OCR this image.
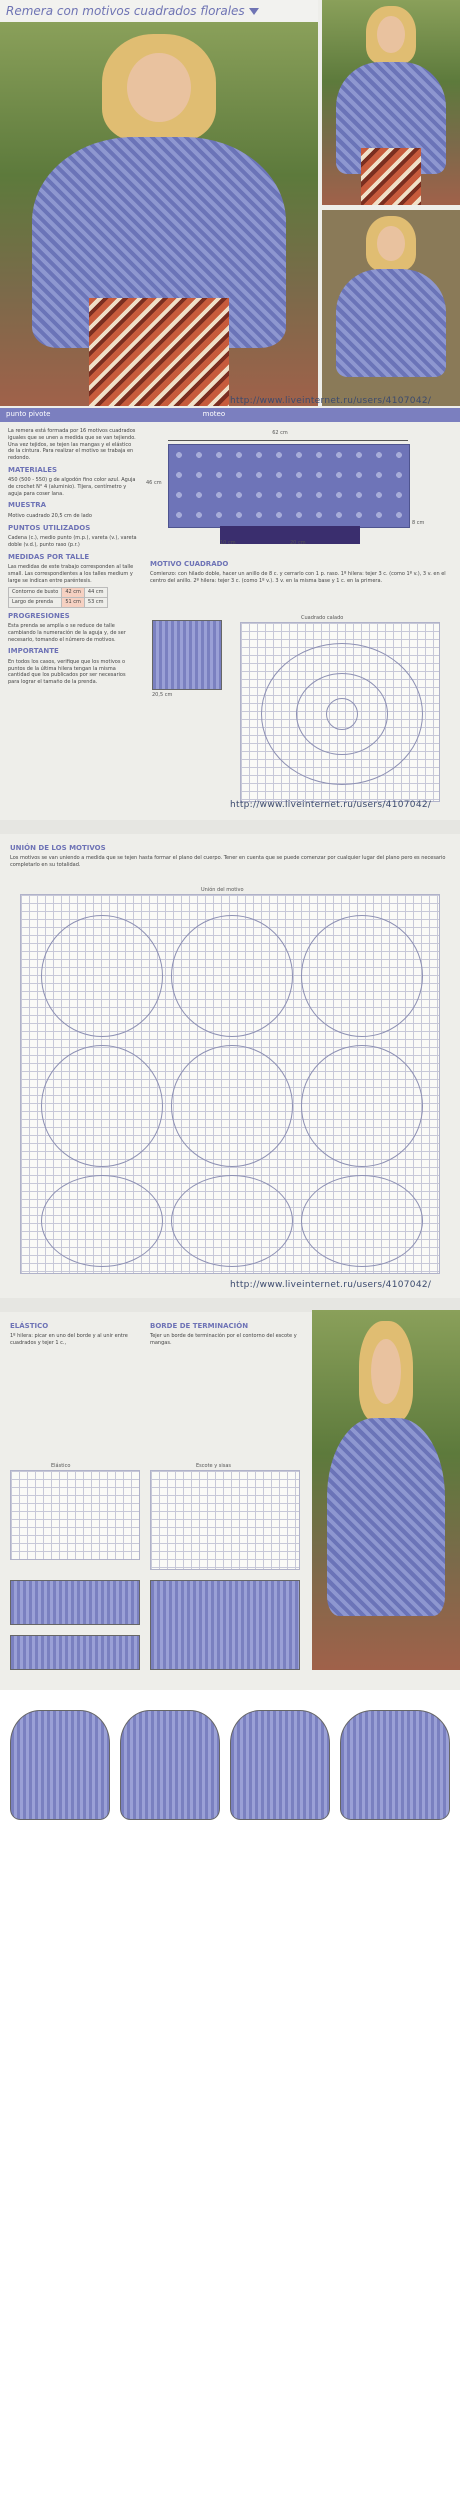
Remera con motivos cuadrados florales
http://www.liveinternet.ru/users/4107042/
punto pivote	moteo
La remera está formada por 16 motivos cuadrados iguales que se unen a medida que se van tejiendo. Una vez tejidos, se tejen las mangas y el elástico de la cintura. Para realizar el motivo se trabaja en redondo.
MATERIALES
450 (500 - 550) g de algodón fino color azul. Aguja de crochet N° 4 (aluminio). Tijera, centímetro y aguja para coser lana.
MUESTRA
Motivo cuadrado 20,5 cm de lado
PUNTOS UTILIZADOS
Cadena (c.), medio punto (m.p.), vareta (v.), vareta doble (v.d.), punto raso (p.r.)
MEDIDAS POR TALLE
Las medidas de este trabajo corresponden al talle small. Las correspondientes a los talles medium y large se indican entre paréntesis.
Contorno de busto	42 cm	44 cm
Largo de prenda	51 cm	53 cm
PROGRESIONES
Esta prenda se amplía o se reduce de talle cambiando la numeración de la aguja y, de ser necesario, tomando el número de motivos.
IMPORTANTE
En todos los casos, verifique que los motivos o puntos de la última hilera tengan la misma cantidad que los publicados por ser necesarios para lograr el tamaño de la prenda.
62 cm
46 cm
10 cm	20 cm
8 cm
MOTIVO CUADRADO
Comienzo: con hilado doble, hacer un anillo de 8 c. y cerrarlo con 1 p. raso. 1º hilera: tejer 3 c. (como 1º v.), 3 v. en el centro del anillo. 2º hilera: tejer 3 c. (como 1º v.). 3 v. en la misma base y 1 c. en la primera.
20,5 cm
Cuadrado calado
http://www.liveinternet.ru/users/4107042/
UNIÓN DE LOS MOTIVOS
Los motivos se van uniendo a medida que se tejen hasta formar el plano del cuerpo. Tener en cuenta que se puede comenzar por cualquier lugar del plano pero es necesario completarlo en su totalidad.
Unión del motivo
http://www.liveinternet.ru/users/4107042/
ELÁSTICO
1º hilera: picar en uno del borde y al unir entre cuadrados y tejer 1 c.,
BORDE DE TERMINACIÓN
Tejer un borde de terminación por el contorno del escote y mangas.
Elástico	Escote y sisas
